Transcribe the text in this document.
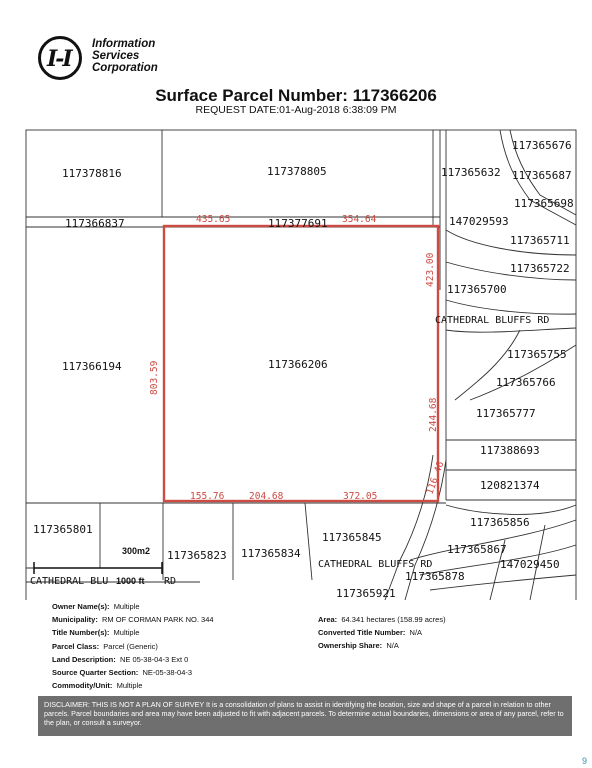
I-I
Information
Services
Corporation
Surface Parcel Number: 117366206
REQUEST DATE:01-Aug-2018 6:38:09 PM
117378816	117378805
117366837	117377691
117366194	117366206
117365801
117365823 117365834
117365845
117365856
117365867
147029450
117365878
117365921
117365676
117365632 117365687
117365698
147029593
117365711
117365722
117365700
117365755
117365766
117365777
117388693
120821374
CATHEDRAL BLUFFS RD
CATHEDRAL BLUFFS RD
CATHEDRAL BLU	RD
435.65	354.64
155.76	204.68	372.05
803.59
423.00
244.68
116.46
300m2
1000 ft
Owner Name(s): Multiple
Municipality: RM OF CORMAN PARK NO. 344
Title Number(s): Multiple
Parcel Class: Parcel (Generic)
Land Description: NE 05-38-04-3 Ext 0
Source Quarter Section: NE-05-38-04-3
Commodity/Unit: Multiple
Area: 64.341 hectares (158.99 acres)
Converted Title Number: N/A
Ownership Share: N/A
DISCLAIMER: THIS IS NOT A PLAN OF SURVEY It is a consolidation of plans to assist in identifying the location, size and shape of a parcel in relation to other parcels. Parcel boundaries and area may have been adjusted to fit with adjacent parcels. To determine actual boundaries, dimensions or area of any parcel, refer to the plan, or consult a surveyor.
9
